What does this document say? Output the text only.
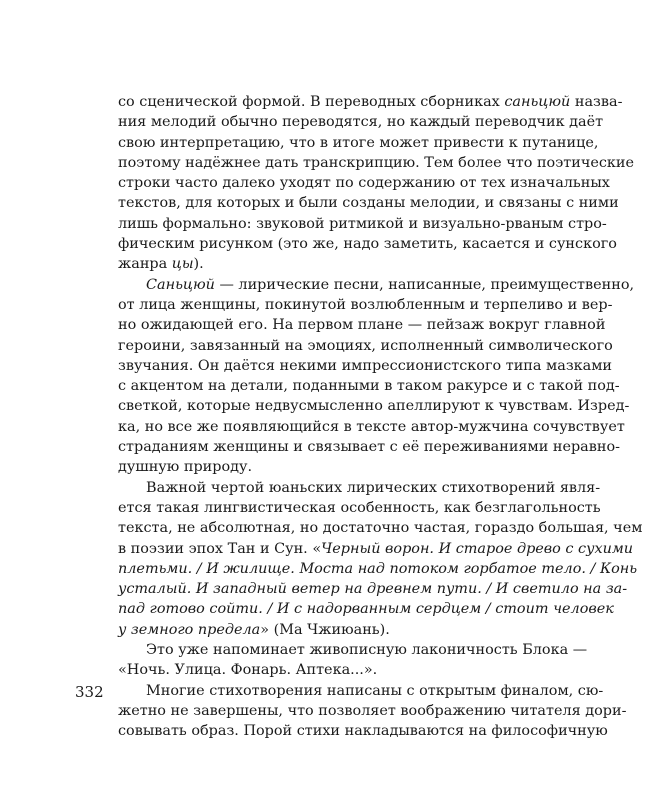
со сценической формой. В переводных сборниках саньцюй назва-
ния мелодий обычно переводятся, но каждый переводчик даёт
свою интерпретацию, что в итоге может привести к путанице,
поэтому надёжнее дать транскрипцию. Тем более что поэтические
строки часто далеко уходят по содержанию от тех изначальных
текстов, для которых и были созданы мелодии, и связаны с ними
лишь формально: звуковой ритмикой и визуально-рваным стро-
фическим рисунком (это же, надо заметить, касается и сунского
жанра цы).
Саньцюй — лирические песни, написанные, преимущественно,
от лица женщины, покинутой возлюбленным и терпеливо и вер-
но ожидающей его. На первом плане — пейзаж вокруг главной
героини, завязанный на эмоциях, исполненный символического
звучания. Он даётся некими импрессионистского типа мазками
с акцентом на детали, поданными в таком ракурсе и с такой под-
светкой, которые недвусмысленно апеллируют к чувствам. Изред-
ка, но все же появляющийся в тексте автор-мужчина сочувствует
страданиям женщины и связывает с её переживаниями неравно-
душную природу.
Важной чертой юаньских лирических стихотворений явля-
ется такая лингвистическая особенность, как безглагольность
текста, не абсолютная, но достаточно частая, гораздо большая, чем
в поэзии эпох Тан и Сун. «Черный ворон. И старое древо с сухими
плетьми. / И жилище. Моста над потоком горбатое тело. / Конь
усталый. И западный ветер на древнем пути. / И светило на за-
пад готово сойти. / И с надорванным сердцем / стоит человек
у земного предела» (Ма Чжиюань).
Это уже напоминает живописную лаконичность Блока —
«Ночь. Улица. Фонарь. Аптека...».
Многие стихотворения написаны с открытым финалом, сю-
жетно не завершены, что позволяет воображению читателя дори-
совывать образ. Порой стихи накладываются на философичную
332
